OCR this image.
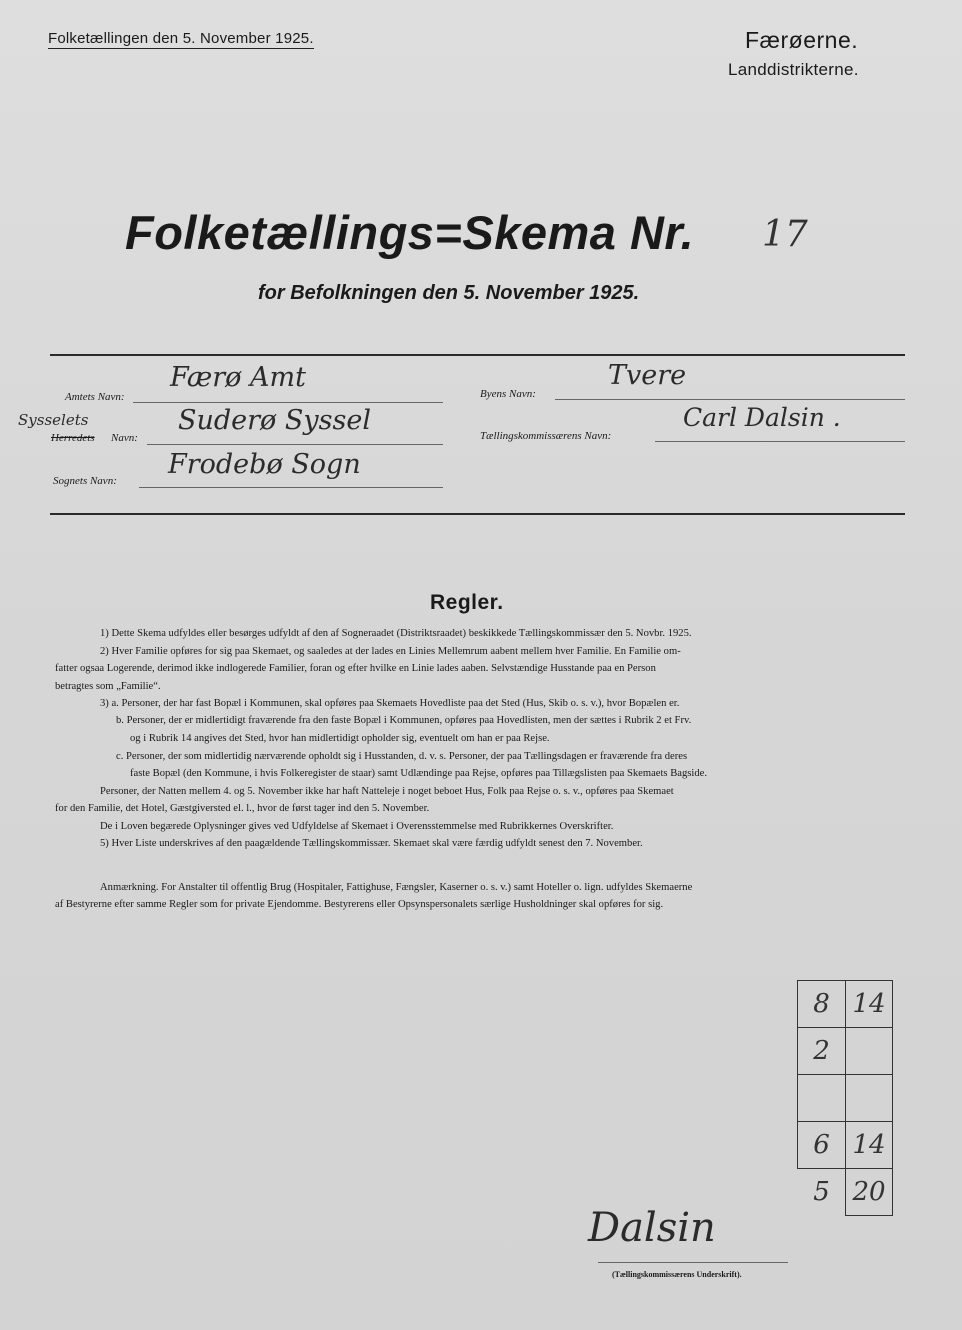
Folketællingen den 5. November 1925.	Færøerne.
Landdistrikterne.
Folketællings=Skema Nr. 17
for Befolkningen den 5. November 1925.
Amtets Navn:
Færø Amt
Sysselets
Herredets Navn:
Suderø Syssel
Sognets Navn:
Frodebø Sogn
Byens Navn:
Tvere
Tællingskommissærens Navn:
Carl Dalsin .
Regler.
1) Dette Skema udfyldes eller besørges udfyldt af den af Sogneraadet (Distriktsraadet) beskikkede Tællingskommissær den 5. Novbr. 1925.
2) Hver Familie opføres for sig paa Skemaet, og saaledes at der lades en Linies Mellemrum aabent mellem hver Familie. En Familie om-
fatter ogsaa Logerende, derimod ikke indlogerede Familier, foran og efter hvilke en Linie lades aaben. Selvstændige Husstande paa en Person
betragtes som „Familie“.
3) a. Personer, der har fast Bopæl i Kommunen, skal opføres paa Skemaets Hovedliste paa det Sted (Hus, Skib o. s. v.), hvor Bopælen er.
b. Personer, der er midlertidigt fraværende fra den faste Bopæl i Kommunen, opføres paa Hovedlisten, men der sættes i Rubrik 2 et Frv.
og i Rubrik 14 angives det Sted, hvor han midlertidigt opholder sig, eventuelt om han er paa Rejse.
c. Personer, der som midlertidig nærværende opholdt sig i Husstanden, d. v. s. Personer, der paa Tællingsdagen er fraværende fra deres
faste Bopæl (den Kommune, i hvis Folkeregister de staar) samt Udlændinge paa Rejse, opføres paa Tillægslisten paa Skemaets Bagside.
Personer, der Natten mellem 4. og 5. November ikke har haft Natteleje i noget beboet Hus, Folk paa Rejse o. s. v., opføres paa Skemaet
for den Familie, det Hotel, Gæstgiversted el. l., hvor de først tager ind den 5. November.
De i Loven begærede Oplysninger gives ved Udfyldelse af Skemaet i Overensstemmelse med Rubrikkernes Overskrifter.
5) Hver Liste underskrives af den paagældende Tællingskommissær. Skemaet skal være færdig udfyldt senest den 7. November.
Anmærkning. For Anstalter til offentlig Brug (Hospitaler, Fattighuse, Fængsler, Kaserner o. s. v.) samt Hoteller o. lign. udfyldes Skemaerne
af Bestyrerne efter samme Regler som for private Ejendomme. Bestyrerens eller Opsynspersonalets særlige Husholdninger skal opføres for sig.
8 14
2
6 14
5 20
Dalsin
(Tællingskommissærens Underskrift).
